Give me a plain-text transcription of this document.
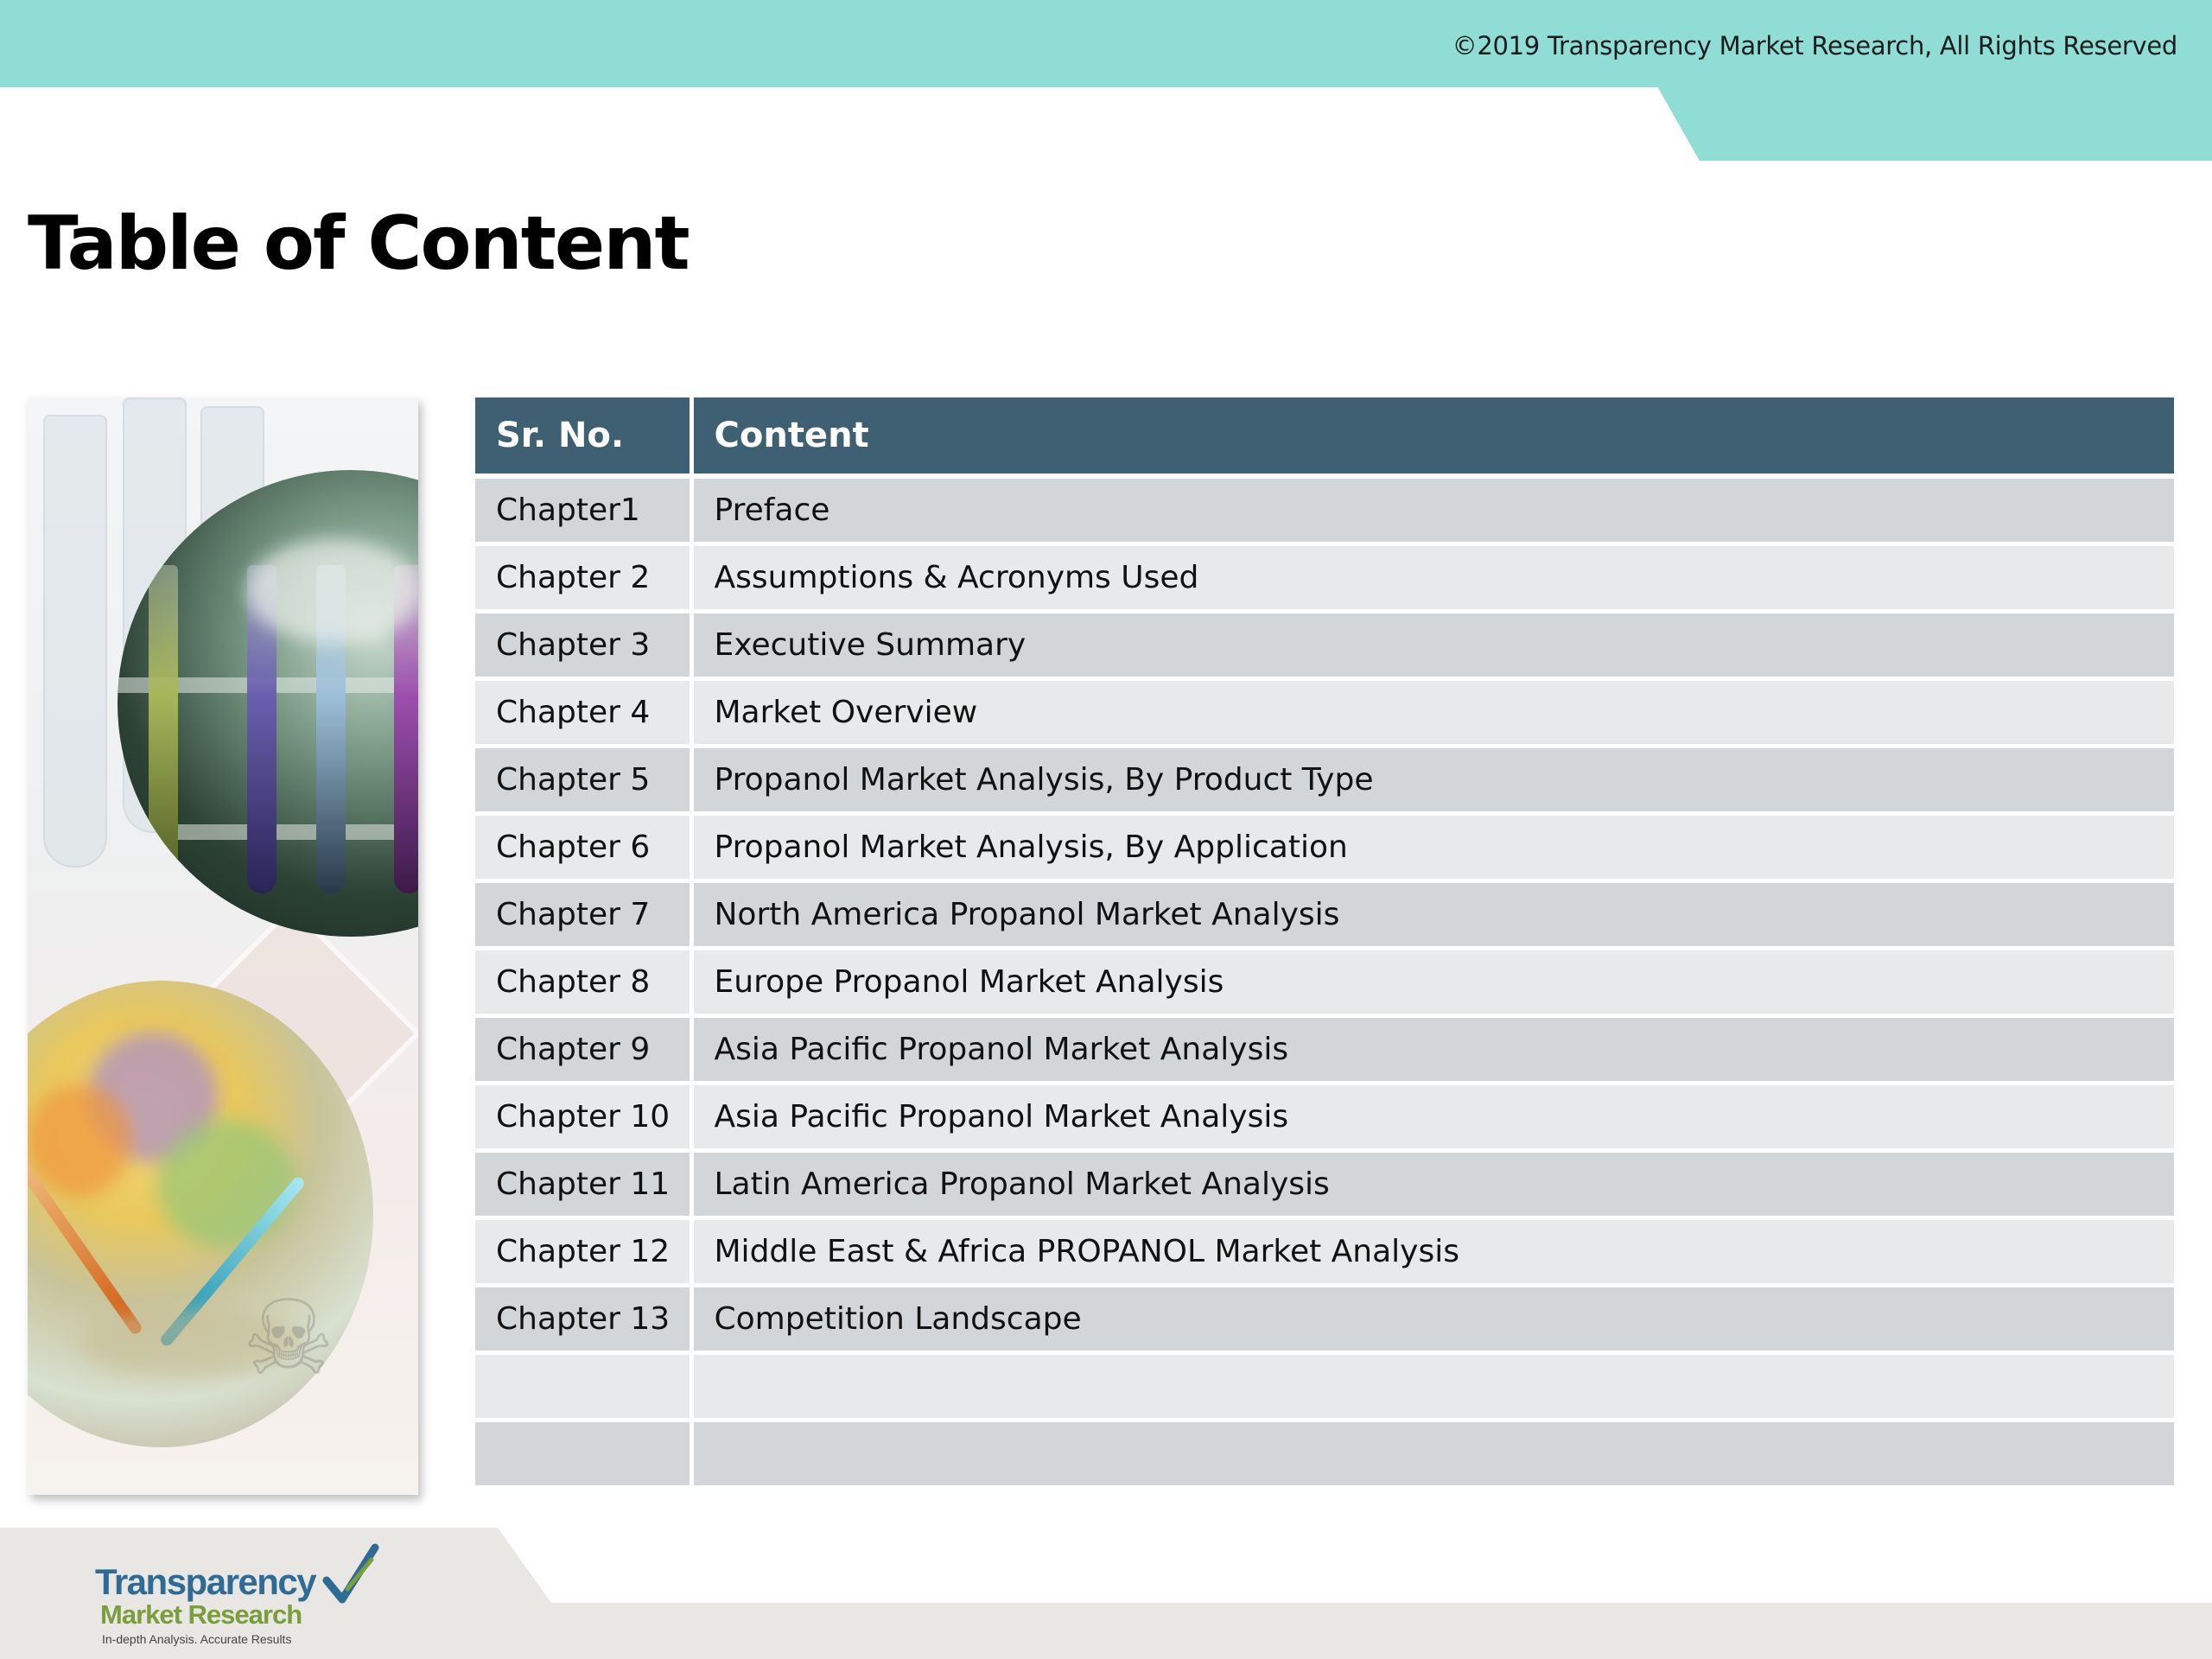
©2019 Transparency Market Research, All Rights Reserved
Table of Content
☠
Sr. No.	Content
Chapter1	Preface
Chapter 2	Assumptions & Acronyms Used
Chapter 3	Executive Summary
Chapter 4	Market Overview
Chapter 5	Propanol Market Analysis, By Product Type
Chapter 6	Propanol Market Analysis, By Application
Chapter 7	North America Propanol Market Analysis
Chapter 8	Europe Propanol Market Analysis
Chapter 9	Asia Pacific Propanol Market Analysis
Chapter 10	Asia Pacific Propanol Market Analysis
Chapter 11	Latin America Propanol Market Analysis
Chapter 12	Middle East & Africa PROPANOL Market Analysis
Chapter 13	Competition Landscape

Transparency
Market Research
In-depth Analysis. Accurate Results
